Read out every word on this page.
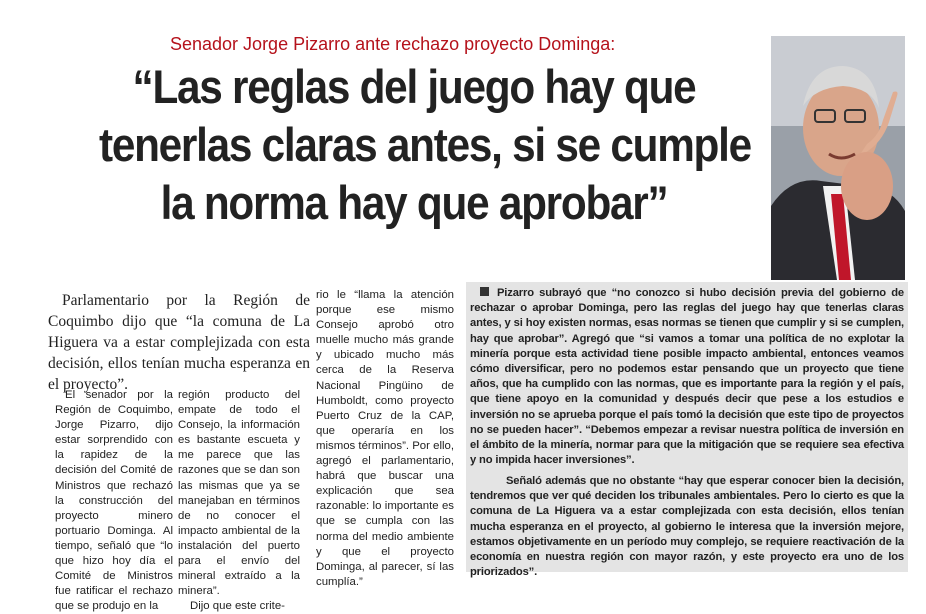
Senador Jorge Pizarro ante rechazo proyecto Dominga:
“Las reglas del juego hay que
tenerlas claras antes, si se cumple
la norma hay que aprobar”
Parlamentario por la Región de Coquimbo dijo que “la comuna de La Higuera va a estar complejizada con esta decisión, ellos tenían mucha esperanza en el proyecto”.
El senador por la Región de Coquimbo, Jorge Pizarro, dijo estar sorprendido con la rapidez de la decisión del Comité de Ministros que rechazó la construcción del proyecto minero portuario Dominga. Al tiempo, señaló que “lo que hizo hoy día el Comité de Ministros fue ratificar el rechazo que se produjo en la

región producto del empate de todo el Consejo, la información es bastante escueta y me parece que las razones que se dan son las mismas que ya se manejaban en términos de no conocer el impacto ambiental de la instalación del puerto para el envío del mineral extraído a la minera”.

Dijo que este crite-

rio le “llama la atención porque ese mismo Consejo aprobó otro muelle mucho más grande y ubicado mucho más cerca de la Reserva Nacional Pingüino de Humboldt, como proyecto Puerto Cruz de la CAP, que operaría en los mismos términos”. Por ello, agregó el parlamentario, habrá que buscar una explicación que sea razonable: lo importante es que se cumpla con las norma del medio ambiente y que el proyecto Dominga, al parecer, sí las cumplía.”
Pizarro subrayó que “no conozco si hubo decisión previa del gobierno de rechazar o aprobar Dominga, pero las reglas del juego hay que tenerlas claras antes, y si hoy existen normas, esas normas se tienen que cumplir y si se cumplen, hay que aprobar”. Agregó que “si vamos a tomar una política de no explotar la minería porque esta actividad tiene posible impacto ambiental, entonces veamos cómo diversificar, pero no podemos estar pensando que un proyecto que tiene años, que ha cumplido con las normas, que es importante para la región y el país, que tiene apoyo en la comunidad y después decir que pese a los estudios e inversión no se aprueba porque el país tomó la decisión que este tipo de proyectos no se pueden hacer”. “Debemos empezar a revisar nuestra política de inversión en el ámbito de la minería, normar para que la mitigación que se requiere sea efectiva y no impida hacer inversiones”.
Señaló además que no obstante “hay que esperar conocer bien la decisión, tendremos que ver qué deciden los tribunales ambientales. Pero lo cierto es que la comuna de La Higuera va a estar complejizada con esta decisión, ellos tenían mucha esperanza en el proyecto, al gobierno le interesa que la inversión mejore, estamos objetivamente en un período muy complejo, se requiere reactivación de la economía en nuestra región con mayor razón, y este proyecto era uno de los priorizados”.
